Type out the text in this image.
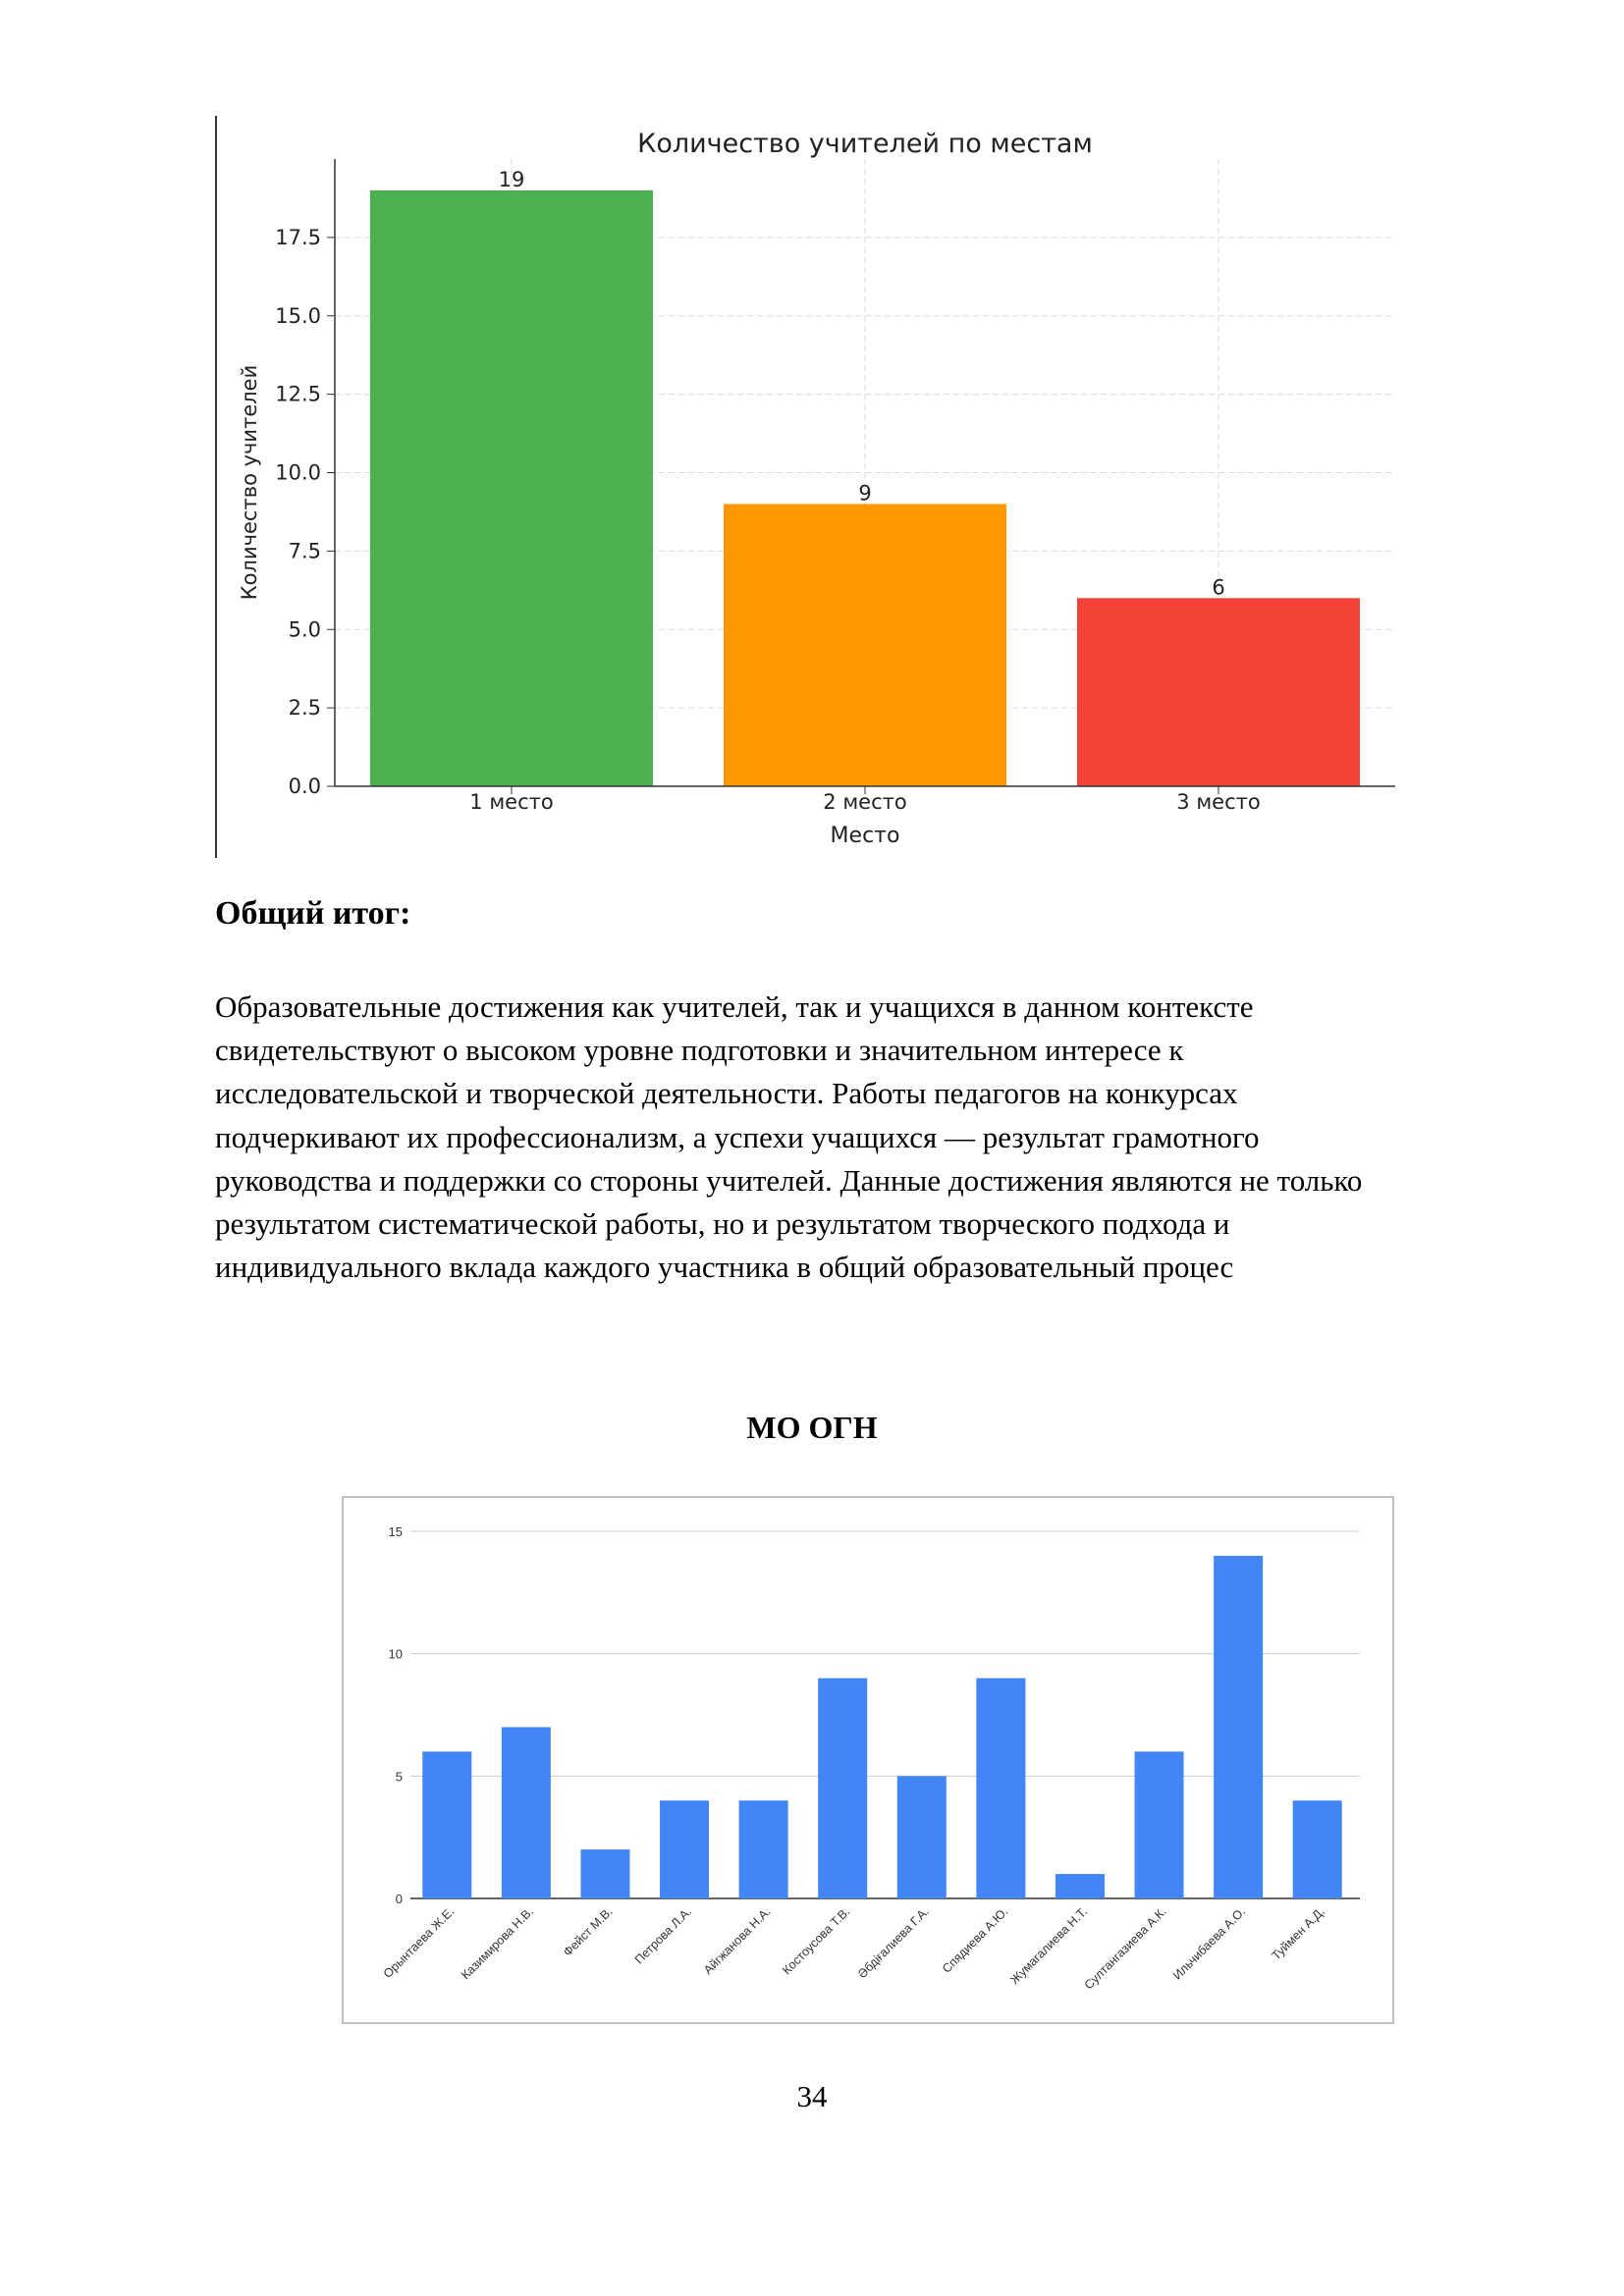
0.0
2.5
5.0
7.5
10.0
12.5
15.0
17.5
19
1 место
9
2 место
6
3 место
Количество учителей по местам
Место
Количество учителей
Общий итог:

Образовательные достижения как учителей, так и учащихся в данном контексте
свидетельствуют о высоком уровне подготовки и значительном интересе к
исследовательской и творческой деятельности. Работы педагогов на конкурсах
подчеркивают их профессионализм, а успехи учащихся — результат грамотного
руководства и поддержки со стороны учителей. Данные достижения являются не только
результатом систематической работы, но и результатом творческого подхода и
индивидуального вклада каждого участника в общий образовательный процес

МО ОГН
0
5
10
15
Орынтаева Ж.Е. Казимирова Н.В. Фейст М.В. Петрова Л.А. Айгжанова Н.А. Костоусова Т.В. Әбдіғалиева Г.А. Спядиева А.Ю.
Жумагалиева Н.Т.
Султангазиева А.К. Ильчибаева А.О. Туймен А.Д.

34
